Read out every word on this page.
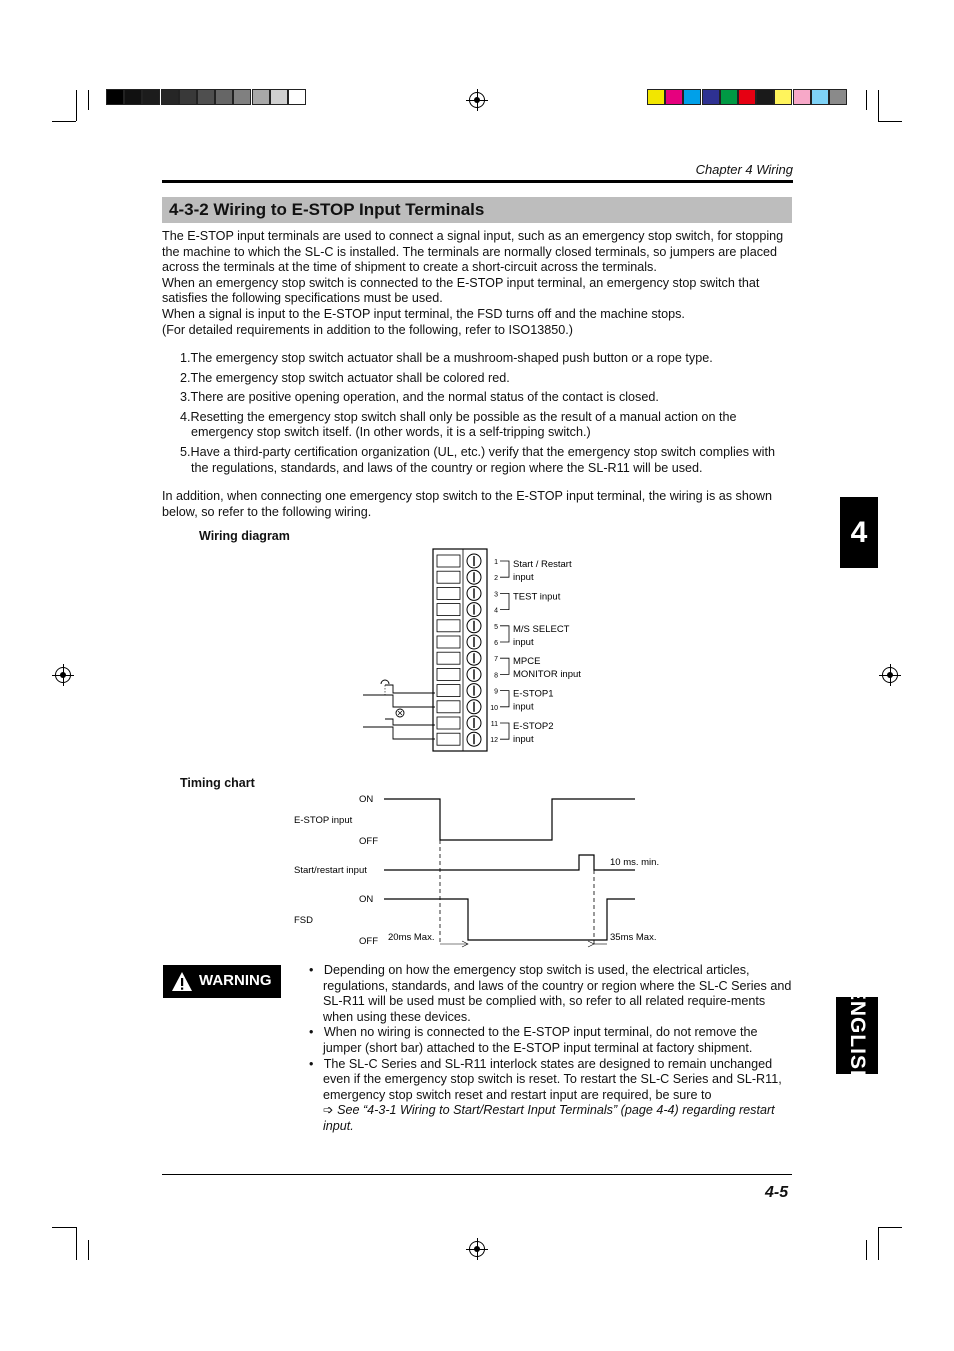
Chapter 4 Wiring
4-3-2 Wiring to E-STOP Input Terminals
The E-STOP input terminals are used to connect a signal input, such as an emergency stop switch, for stopping the machine to which the SL-C is installed. The terminals are normally closed terminals, so jumpers are placed across the terminals at the time of shipment to create a short-circuit across the terminals.
When an emergency stop switch is connected to the E-STOP input terminal, an emergency stop switch that satisfies the following specifications must be used.
When a signal is input to the E-STOP input terminal, the FSD turns off and the machine stops.
(For detailed requirements in addition to the following, refer to ISO13850.)
1.The emergency stop switch actuator shall be a mushroom-shaped push button or a rope type.
2.The emergency stop switch actuator shall be colored red.
3.There are positive opening operation, and the normal status of the contact is closed.
4.Resetting the emergency stop switch shall only be possible as the result of a manual action on the emergency stop switch itself. (In other words, it is a self-tripping switch.)
5.Have a third-party certification organization (UL, etc.) verify that the emergency stop switch complies with the regulations, standards, and laws of the country or region where the SL-R11 will be used.
In addition, when connecting one emergency stop switch to the E-STOP input terminal, the wiring is as shown below, so refer to the following wiring.
Wiring diagram
1
2
3
4
5
6
7
8
9
10
11
12
Start / Restart
input
TEST input
M/S SELECT
input
MPCE
MONITOR input
E-STOP1
input
E-STOP2
input
Timing chart
ON
E-STOP input
OFF
Start/restart input
ON
FSD
OFF
10 ms. min.
20ms Max.	35ms Max.
WARNING

•   Depending on how the emergency stop switch is used, the electrical articles, regulations, standards, and laws of the country or region where the SL-C Series and SL-R11 will be used must be complied with, so refer to all related require-ments when using these devices.

•   When no wiring is connected to the E-STOP input terminal, do not remove the jumper (short bar) attached to the E-STOP input terminal at factory shipment.

•   The SL-C Series and SL-R11 interlock states are designed to remain unchanged even if the emergency stop switch is reset. To restart the SL-C Series and SL-R11, emergency stop switch reset and restart input are required, be sure to

➩ See “4-3-1 Wiring to Start/Restart Input Terminals” (page 4-4) regarding restart input.

4-5
4
ENGLISH
